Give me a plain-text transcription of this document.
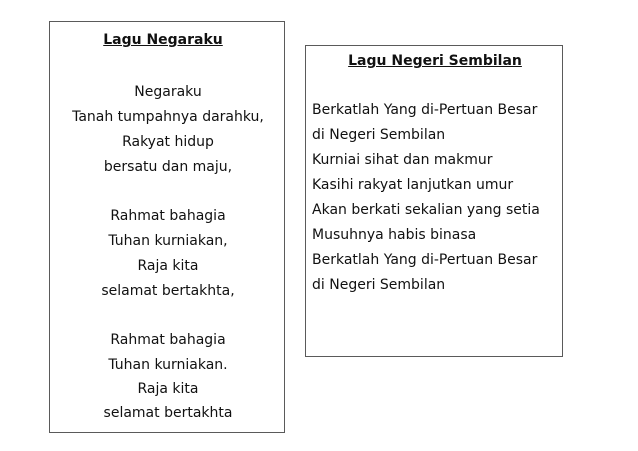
Lagu Negaraku
Negaraku
Tanah tumpahnya darahku,
Rakyat hidup
bersatu dan maju,
Rahmat bahagia
Tuhan kurniakan,
Raja kita
selamat bertakhta,
Rahmat bahagia
Tuhan kurniakan.
Raja kita
selamat bertakhta
Lagu Negeri Sembilan
Berkatlah Yang di-Pertuan Besar
di Negeri Sembilan
Kurniai sihat dan makmur
Kasihi rakyat lanjutkan umur
Akan berkati sekalian yang setia
Musuhnya habis binasa
Berkatlah Yang di-Pertuan Besar
di Negeri Sembilan
